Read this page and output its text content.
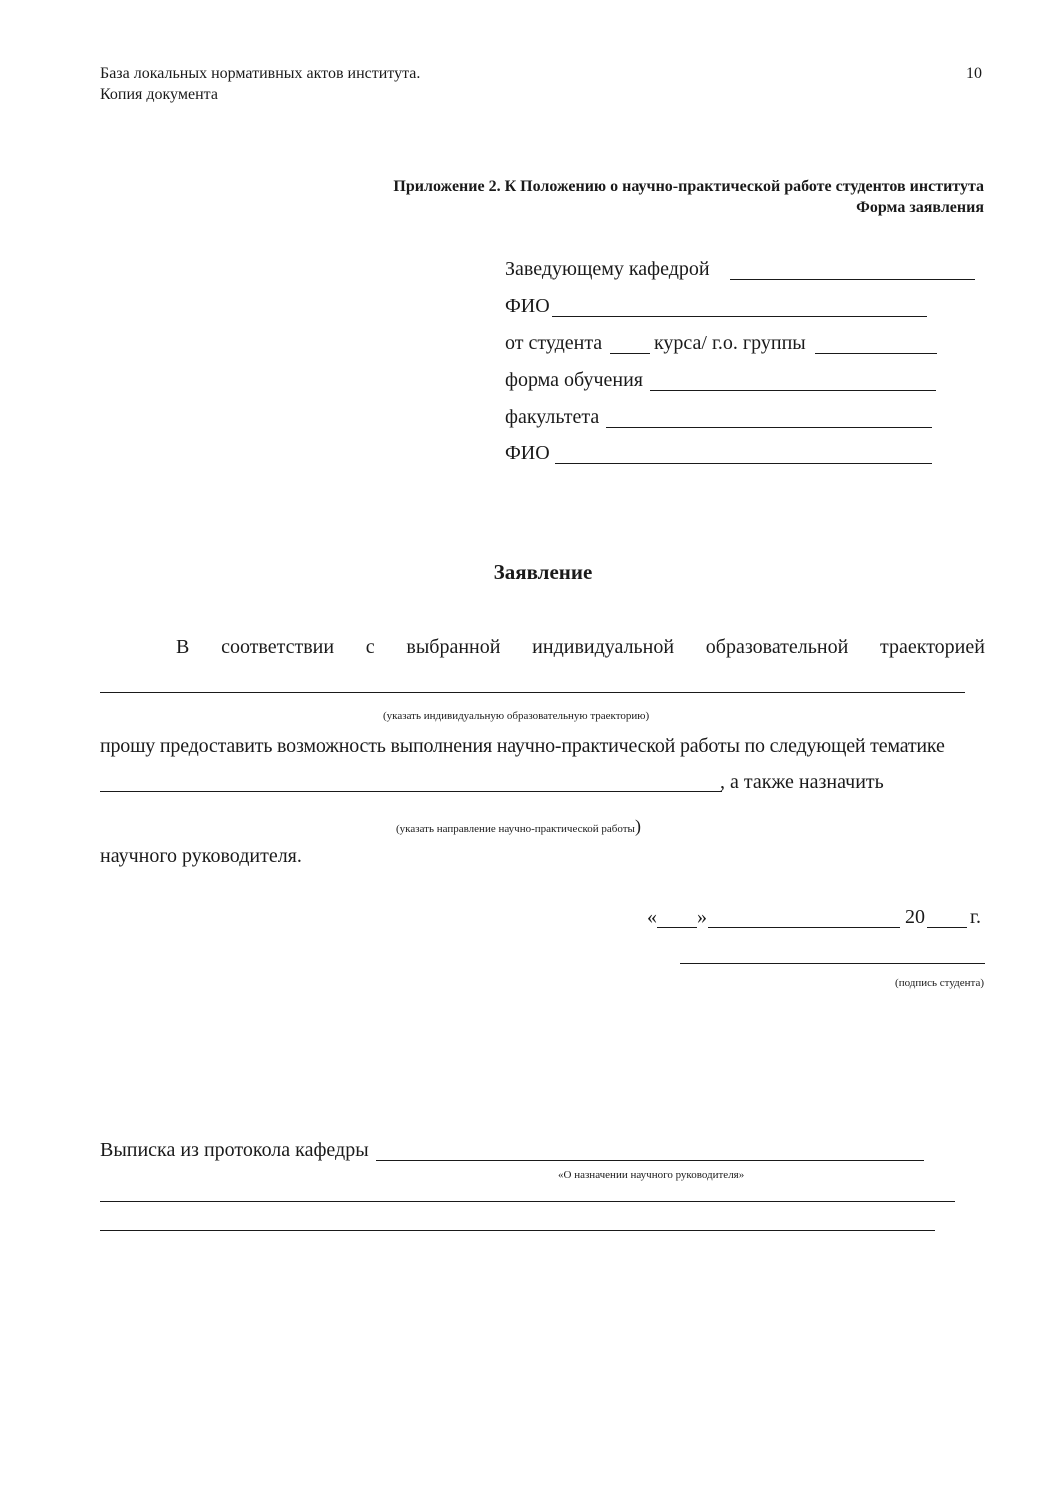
База локальных нормативных актов института.
Копия документа
10
Приложение 2. К Положению о научно-практической работе студентов института
Форма заявления
Заведующему кафедрой
ФИО
от студента	курса/ г.о. группы
форма обучения
факультета
ФИО
Заявление
В соответствии с выбранной индивидуальной образовательной траекторией
(указать индивидуальную образовательную траекторию)
прошу предоставить возможность выполнения научно-практической работы по следующей тематике
, а также назначить
(указать направление научно-практической работы)
научного руководителя.
« »	20 г.
(подпись студента)
Выписка из протокола кафедры
«О назначении научного руководителя»
